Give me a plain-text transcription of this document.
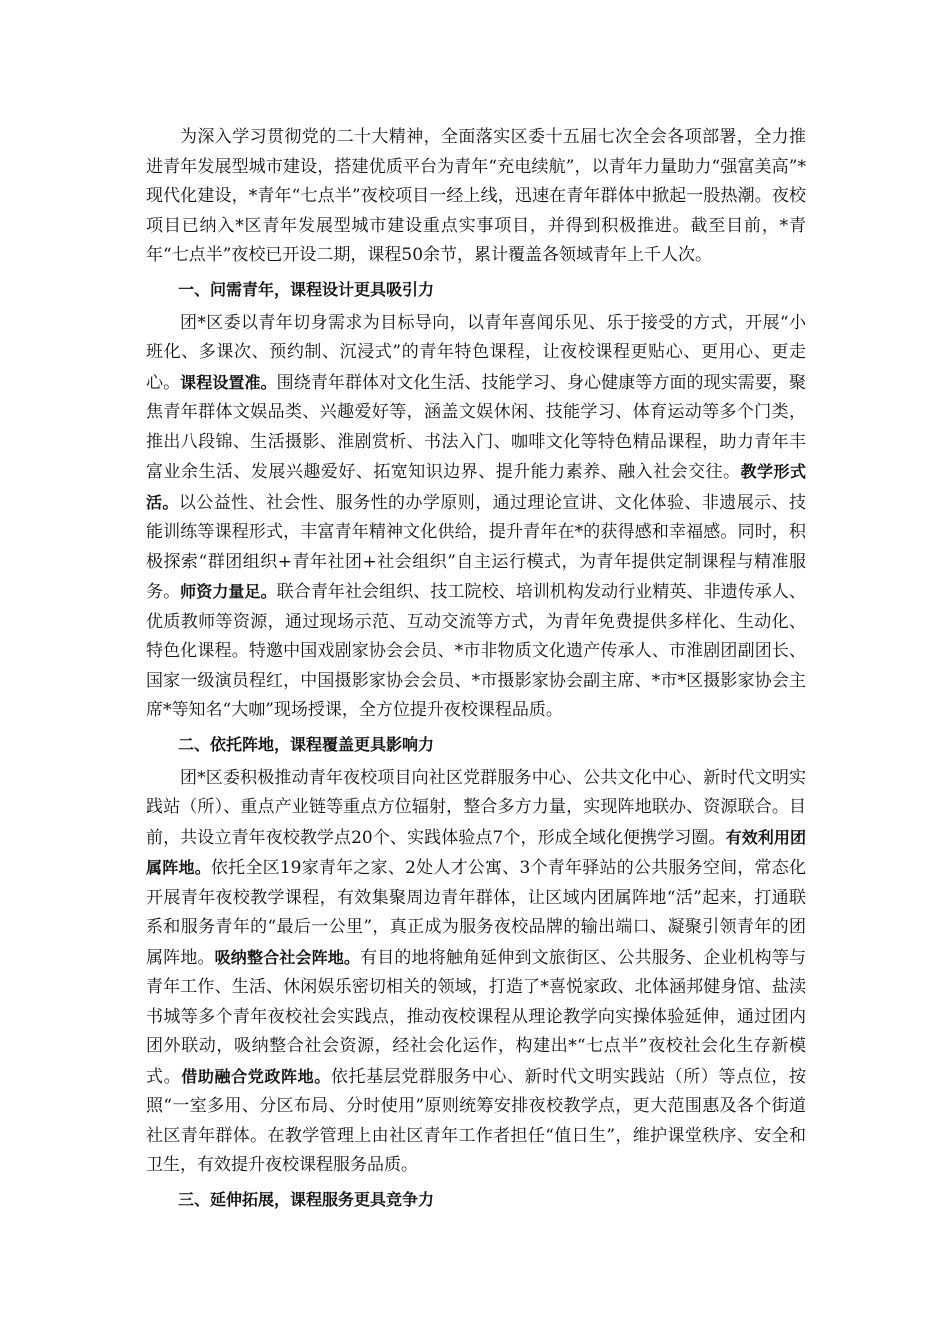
为深入学习贯彻党的二十大精神，全面落实区委十五届七次全会各项部署，全力推进青年发展型城市建设，搭建优质平台为青年“充电续航”，以青年力量助力“强富美高”*现代化建设，*青年“七点半”夜校项目一经上线，迅速在青年群体中掀起一股热潮。夜校项目已纳入*区青年发展型城市建设重点实事项目，并得到积极推进。截至目前，*青年“七点半”夜校已开设二期，课程50余节，累计覆盖各领域青年上千人次。

一、问需青年，课程设计更具吸引力

团*区委以青年切身需求为目标导向，以青年喜闻乐见、乐于接受的方式，开展“小班化、多课次、预约制、沉浸式”的青年特色课程，让夜校课程更贴心、更用心、更走心。课程设置准。围绕青年群体对文化生活、技能学习、身心健康等方面的现实需要，聚焦青年群体文娱品类、兴趣爱好等，涵盖文娱休闲、技能学习、体育运动等多个门类，推出八段锦、生活摄影、淮剧赏析、书法入门、咖啡文化等特色精品课程，助力青年丰富业余生活、发展兴趣爱好、拓宽知识边界、提升能力素养、融入社会交往。教学形式活。以公益性、社会性、服务性的办学原则，通过理论宣讲、文化体验、非遗展示、技能训练等课程形式，丰富青年精神文化供给，提升青年在*的获得感和幸福感。同时，积极探索“群团组织+青年社团+社会组织”自主运行模式，为青年提供定制课程与精准服务。师资力量足。联合青年社会组织、技工院校、培训机构发动行业精英、非遗传承人、优质教师等资源，通过现场示范、互动交流等方式，为青年免费提供多样化、生动化、特色化课程。特邀中国戏剧家协会会员、*市非物质文化遗产传承人、市淮剧团副团长、国家一级演员程红，中国摄影家协会会员、*市摄影家协会副主席、*市*区摄影家协会主席*等知名“大咖”现场授课，全方位提升夜校课程品质。

二、依托阵地，课程覆盖更具影响力

团*区委积极推动青年夜校项目向社区党群服务中心、公共文化中心、新时代文明实践站（所）、重点产业链等重点方位辐射，整合多方力量，实现阵地联办、资源联合。目前，共设立青年夜校教学点20个、实践体验点7个，形成全域化便携学习圈。有效利用团属阵地。依托全区19家青年之家、2处人才公寓、3个青年驿站的公共服务空间，常态化开展青年夜校教学课程，有效集聚周边青年群体，让区域内团属阵地“活”起来，打通联系和服务青年的“最后一公里”，真正成为服务夜校品牌的输出端口、凝聚引领青年的团属阵地。吸纳整合社会阵地。有目的地将触角延伸到文旅街区、公共服务、企业机构等与青年工作、生活、休闲娱乐密切相关的领域，打造了*喜悦家政、北体涵邦健身馆、盐渎书城等多个青年夜校社会实践点，推动夜校课程从理论教学向实操体验延伸，通过团内团外联动，吸纳整合社会资源，经社会化运作，构建出*“七点半”夜校社会化生存新模式。借助融合党政阵地。依托基层党群服务中心、新时代文明实践站（所）等点位，按照“一室多用、分区布局、分时使用”原则统筹安排夜校教学点，更大范围惠及各个街道社区青年群体。在教学管理上由社区青年工作者担任“值日生”，维护课堂秩序、安全和卫生，有效提升夜校课程服务品质。

三、延伸拓展，课程服务更具竞争力
